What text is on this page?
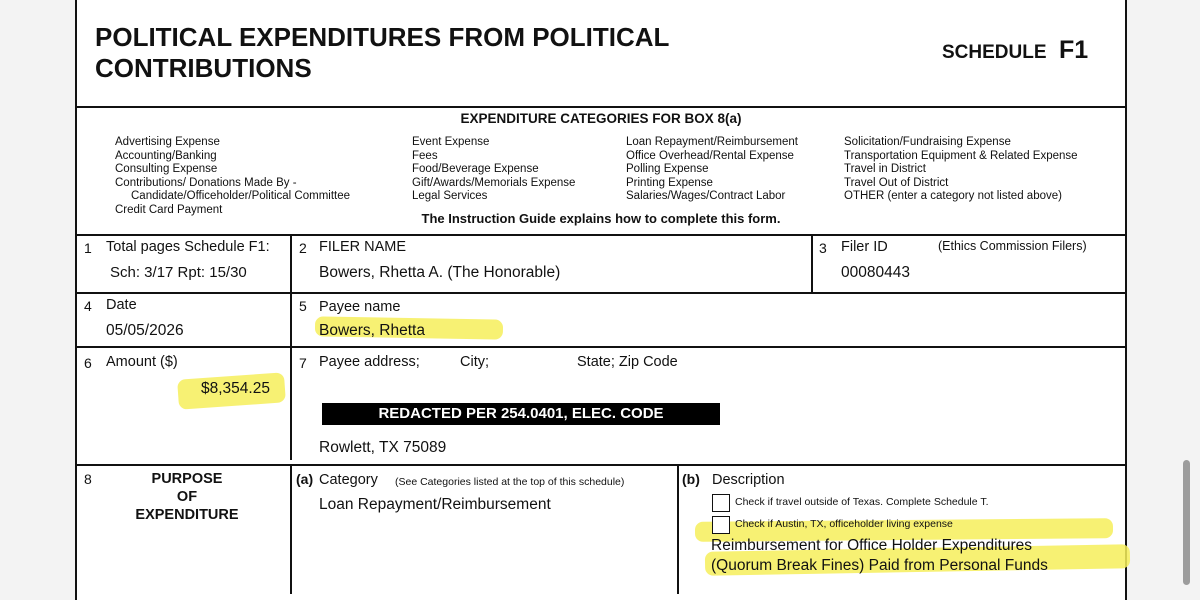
POLITICAL EXPENDITURES FROM POLITICAL
CONTRIBUTIONS
SCHEDULE F1
EXPENDITURE CATEGORIES FOR BOX 8(a)
Advertising Expense
Accounting/Banking
Consulting Expense
Contributions/ Donations Made By -
Candidate/Officeholder/Political Committee
Credit Card Payment
Event Expense
Fees
Food/Beverage Expense
Gift/Awards/Memorials Expense
Legal Services
Loan Repayment/Reimbursement
Office Overhead/Rental Expense
Polling Expense
Printing Expense
Salaries/Wages/Contract Labor
Solicitation/Fundraising Expense
Transportation Equipment & Related Expense
Travel in District
Travel Out of District
OTHER (enter a category not listed above)
The Instruction Guide explains how to complete this form.
1 Total pages Schedule F1:
Sch: 3/17 Rpt: 15/30
2 FILER NAME
Bowers, Rhetta A. (The Honorable)
3 Filer ID	(Ethics Commission Filers)
00080443
4 Date
05/05/2026
5 Payee name
Bowers, Rhetta
6 Amount ($)
$8,354.25
7 Payee address;	City;	State; Zip Code
REDACTED PER 254.0401, ELEC. CODE
Rowlett, TX 75089
8	PURPOSE
OF
EXPENDITURE
(a) Category (See Categories listed at the top of this schedule)
Loan Repayment/Reimbursement
(b) Description
Check if travel outside of Texas. Complete Schedule T.
Check if Austin, TX, officeholder living expense
Reimbursement for Office Holder Expenditures
(Quorum Break Fines) Paid from Personal Funds
